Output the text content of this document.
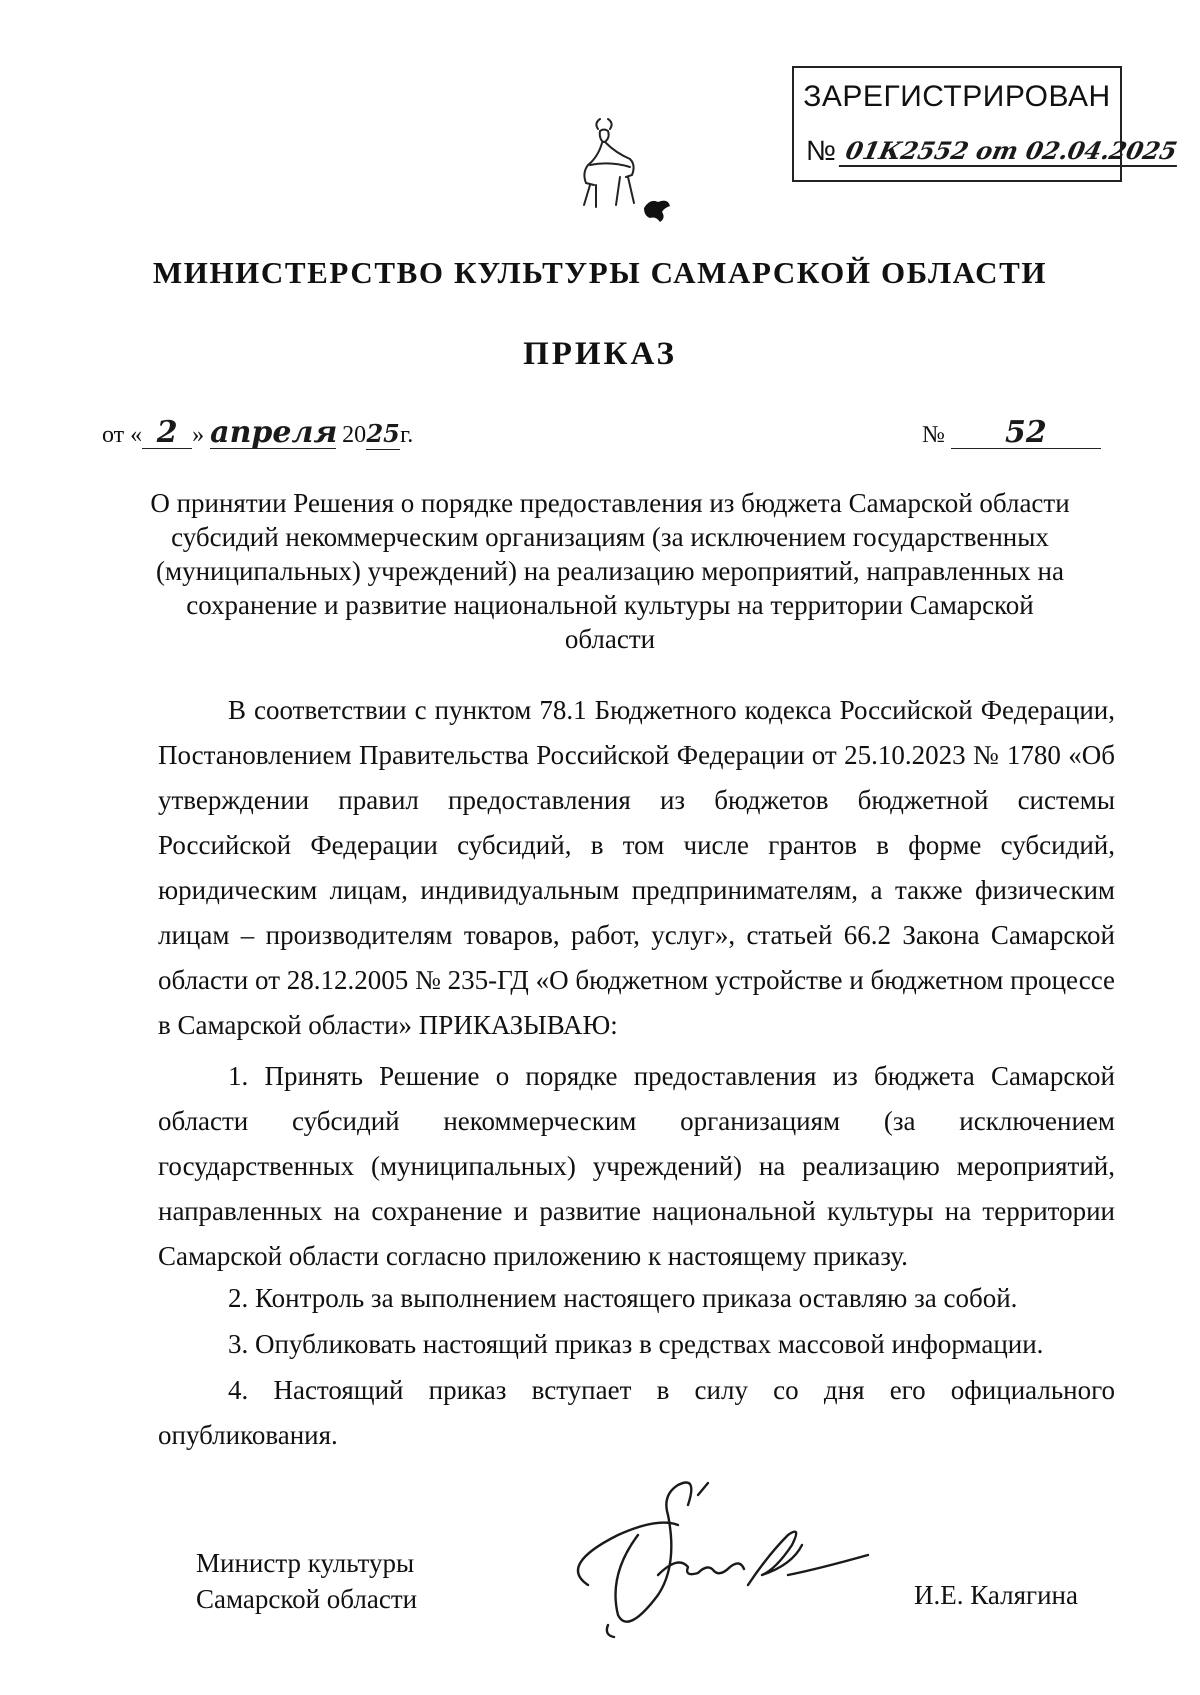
ЗАРЕГИСТРИРОВАН
№ 01К2552 от 02.04.2025
МИНИСТЕРСТВО КУЛЬТУРЫ САМАРСКОЙ ОБЛАСТИ
ПРИКАЗ
от « 2 » апреля 2025г.	№ 52
О принятии Решения о порядке предоставления из бюджета Самарской области субсидий некоммерческим организациям (за исключением государственных (муниципальных) учреждений) на реализацию мероприятий, направленных на сохранение и развитие национальной культуры на территории Самарской области
В соответствии с пунктом 78.1 Бюджетного кодекса Российской Федерации, Постановлением Правительства Российской Федерации от 25.10.2023 № 1780 «Об утверждении правил предоставления из бюджетов бюджетной системы Российской Федерации субсидий, в том числе грантов в форме субсидий, юридическим лицам, индивидуальным предпринимателям, а также физическим лицам – производителям товаров, работ, услуг», статьей 66.2 Закона Самарской области от 28.12.2005 № 235-ГД «О бюджетном устройстве и бюджетном процессе в Самарской области» ПРИКАЗЫВАЮ:
1. Принять Решение о порядке предоставления из бюджета Самарской области субсидий некоммерческим организациям (за исключением государственных (муниципальных) учреждений) на реализацию мероприятий, направленных на сохранение и развитие национальной культуры на территории Самарской области согласно приложению к настоящему приказу.
2. Контроль за выполнением настоящего приказа оставляю за собой.
3. Опубликовать настоящий приказ в средствах массовой информации.
4. Настоящий приказ вступает в силу со дня его официального опубликования.
Министр культуры
Самарской области	И.Е. Калягина
